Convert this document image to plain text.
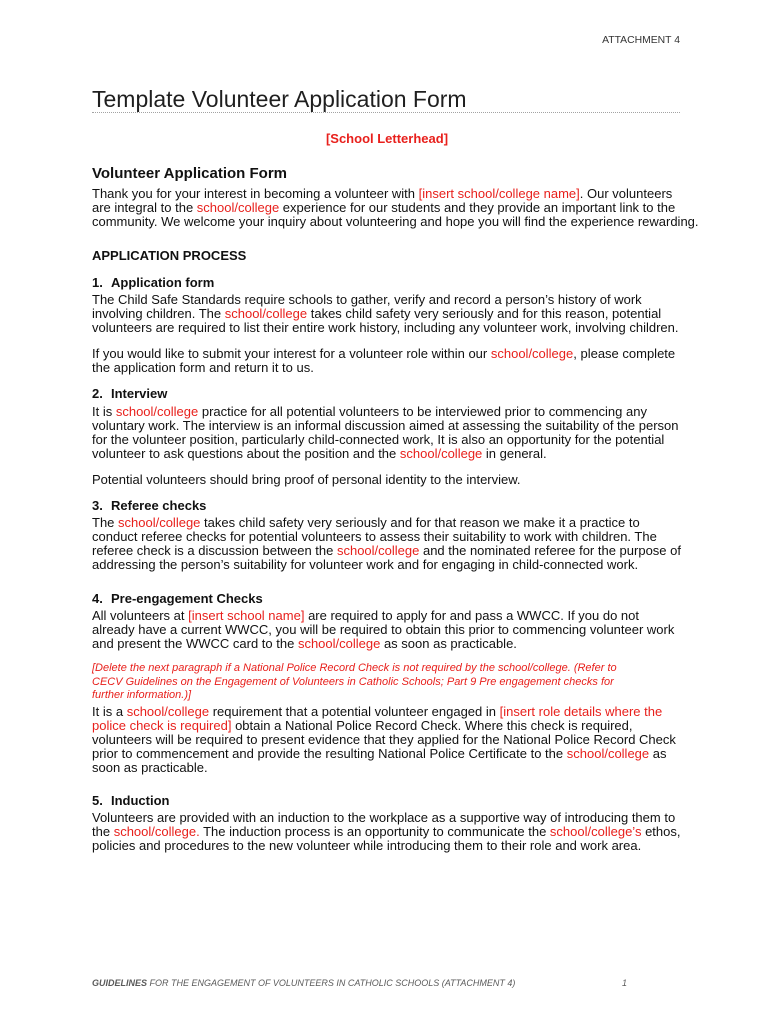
ATTACHMENT 4
Template Volunteer Application Form
[School Letterhead]
Volunteer Application Form
Thank you for your interest in becoming a volunteer with [insert school/college name]. Our volunteers
are integral to the school/college experience for our students and they provide an important link to the
community. We welcome your inquiry about volunteering and hope you will find the experience rewarding.
APPLICATION PROCESS
1. Application form
The Child Safe Standards require schools to gather, verify and record a person’s history of work
involving children. The school/college takes child safety very seriously and for this reason, potential
volunteers are required to list their entire work history, including any volunteer work, involving children.
If you would like to submit your interest for a volunteer role within our school/college, please complete
the application form and return it to us.
2. Interview
It is school/college practice for all potential volunteers to be interviewed prior to commencing any
voluntary work. The interview is an informal discussion aimed at assessing the suitability of the person
for the volunteer position, particularly child-connected work, It is also an opportunity for the potential
volunteer to ask questions about the position and the school/college in general.
Potential volunteers should bring proof of personal identity to the interview.
3. Referee checks
The school/college takes child safety very seriously and for that reason we make it a practice to
conduct referee checks for potential volunteers to assess their suitability to work with children. The
referee check is a discussion between the school/college and the nominated referee for the purpose of
addressing the person’s suitability for volunteer work and for engaging in child-connected work.
4. Pre-engagement Checks
All volunteers at [insert school name] are required to apply for and pass a WWCC. If you do not
already have a current WWCC, you will be required to obtain this prior to commencing volunteer work
and present the WWCC card to the school/college as soon as practicable.
[Delete the next paragraph if a National Police Record Check is not required by the school/college. (Refer to
CECV Guidelines on the Engagement of Volunteers in Catholic Schools; Part 9 Pre engagement checks for
further information.)]
It is a school/college requirement that a potential volunteer engaged in [insert role details where the
police check is required] obtain a National Police Record Check. Where this check is required,
volunteers will be required to present evidence that they applied for the National Police Record Check
prior to commencement and provide the resulting National Police Certificate to the school/college as
soon as practicable.
5. Induction
Volunteers are provided with an induction to the workplace as a supportive way of introducing them to
the school/college. The induction process is an opportunity to communicate the school/college’s ethos,
policies and procedures to the new volunteer while introducing them to their role and work area.
GUIDELINES FOR THE ENGAGEMENT OF VOLUNTEERS IN CATHOLIC SCHOOLS (ATTACHMENT 4)	1
